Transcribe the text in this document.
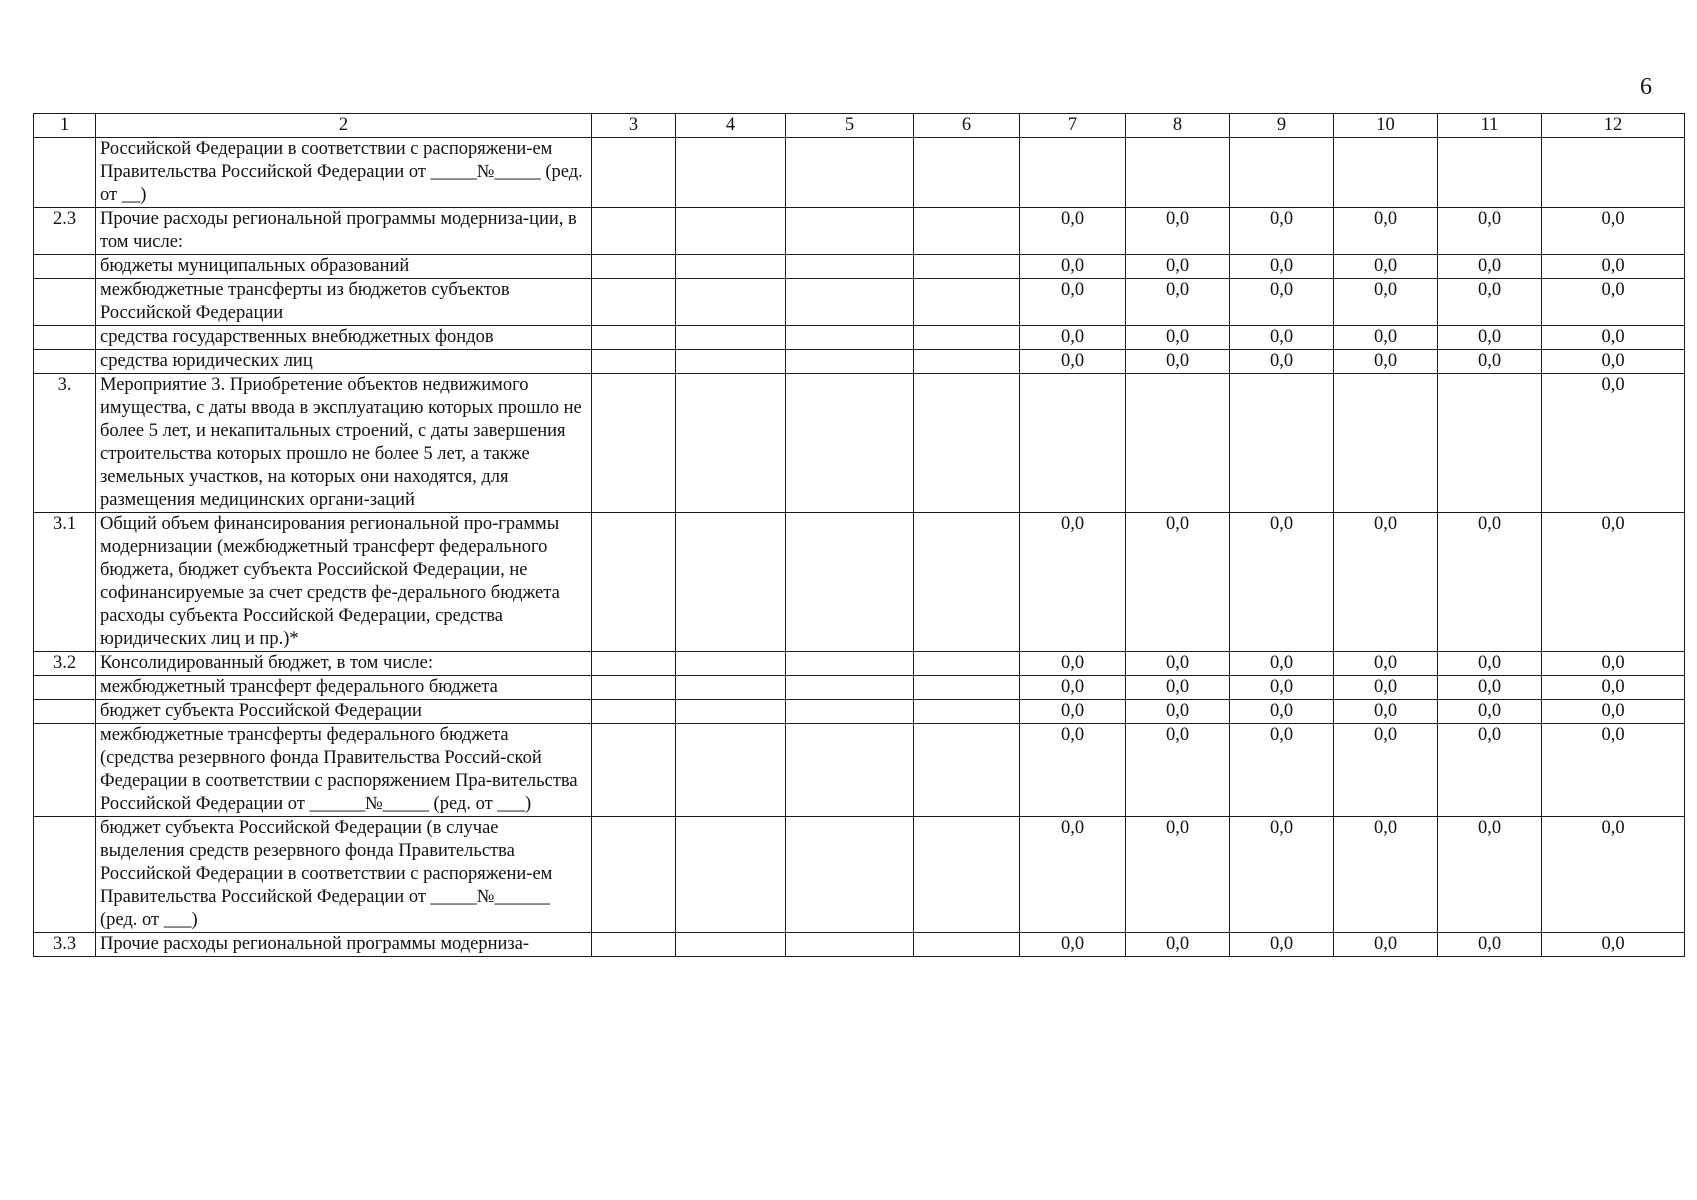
6
1	2	3	4	5	6	7	8	9	10	11	12
	Российской Федерации в соответствии с распоряжени-ем Правительства Российской Федерации от _____№_____ (ред. от __)										
2.3	Прочие расходы региональной программы модерниза-ции, в том числе:					0,0	0,0	0,0	0,0	0,0	0,0
	бюджеты муниципальных образований					0,0	0,0	0,0	0,0	0,0	0,0
	межбюджетные трансферты из бюджетов субъектов Российской Федерации					0,0	0,0	0,0	0,0	0,0	0,0
	средства государственных внебюджетных фондов					0,0	0,0	0,0	0,0	0,0	0,0
	средства юридических лиц					0,0	0,0	0,0	0,0	0,0	0,0
3.	Мероприятие 3. Приобретение объектов недвижимого имущества, с даты ввода в эксплуатацию которых прошло не более 5 лет, и некапитальных строений, с даты завершения строительства которых прошло не более 5 лет, а также земельных участков, на которых они находятся, для размещения медицинских органи-заций										0,0
3.1	Общий объем финансирования региональной про-граммы модернизации (межбюджетный трансферт федерального бюджета, бюджет субъекта Российской Федерации, не софинансируемые за счет средств фе-дерального бюджета расходы субъекта Российской Федерации, средства юридических лиц и пр.)*					0,0	0,0	0,0	0,0	0,0	0,0
3.2	Консолидированный бюджет, в том числе:					0,0	0,0	0,0	0,0	0,0	0,0
	межбюджетный трансферт федерального бюджета					0,0	0,0	0,0	0,0	0,0	0,0
	бюджет субъекта Российской Федерации					0,0	0,0	0,0	0,0	0,0	0,0
	межбюджетные трансферты федерального бюджета (средства резервного фонда Правительства Россий-ской Федерации в соответствии с распоряжением Пра-вительства Российской Федерации от ______№_____ (ред. от ___)					0,0	0,0	0,0	0,0	0,0	0,0
	бюджет субъекта Российской Федерации (в случае выделения средств резервного фонда Правительства Российской Федерации в соответствии с распоряжени-ем Правительства Российской Федерации от _____№______ (ред. от ___)					0,0	0,0	0,0	0,0	0,0	0,0
3.3	Прочие расходы региональной программы модерниза-					0,0	0,0	0,0	0,0	0,0	0,0
